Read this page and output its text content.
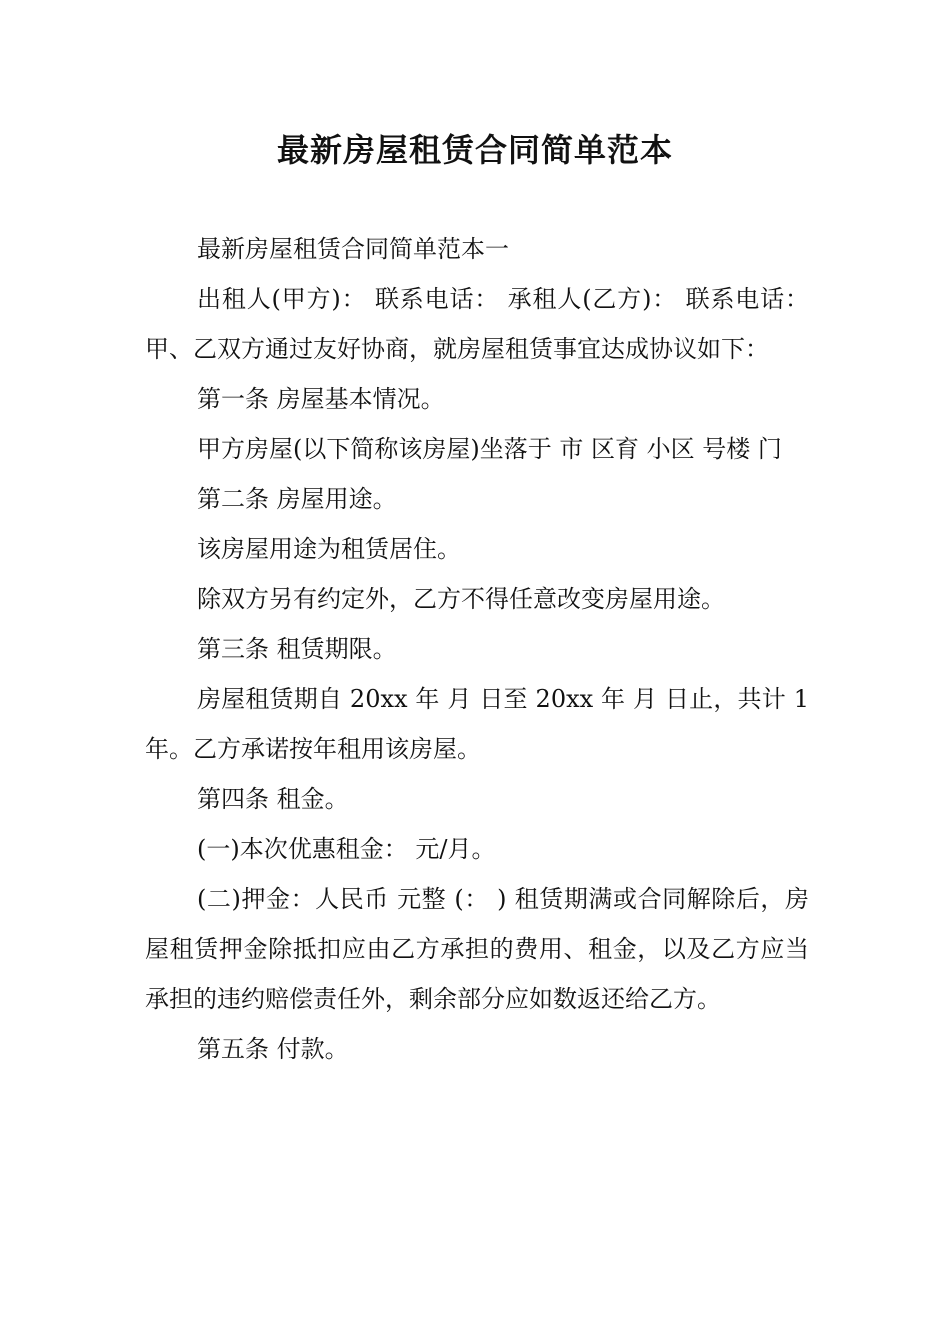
最新房屋租赁合同简单范本

最新房屋租赁合同简单范本一

出租人(甲方)： 联系电话： 承租人(乙方)： 联系电话： 甲、乙双方通过友好协商，就房屋租赁事宜达成协议如下：

第一条 房屋基本情况。

甲方房屋(以下简称该房屋)坐落于 市 区育 小区 号楼 门

第二条 房屋用途。

该房屋用途为租赁居住。

除双方另有约定外，乙方不得任意改变房屋用途。

第三条 租赁期限。

房屋租赁期自 20xx 年 月 日至 20xx 年 月 日止，共计 1 年。乙方承诺按年租用该房屋。

第四条 租金。

(一)本次优惠租金： 元/月。

(二)押金：人民币 元整 (： ) 租赁期满或合同解除后，房屋租赁押金除抵扣应由乙方承担的费用、租金，以及乙方应当承担的违约赔偿责任外，剩余部分应如数返还给乙方。

第五条 付款。
